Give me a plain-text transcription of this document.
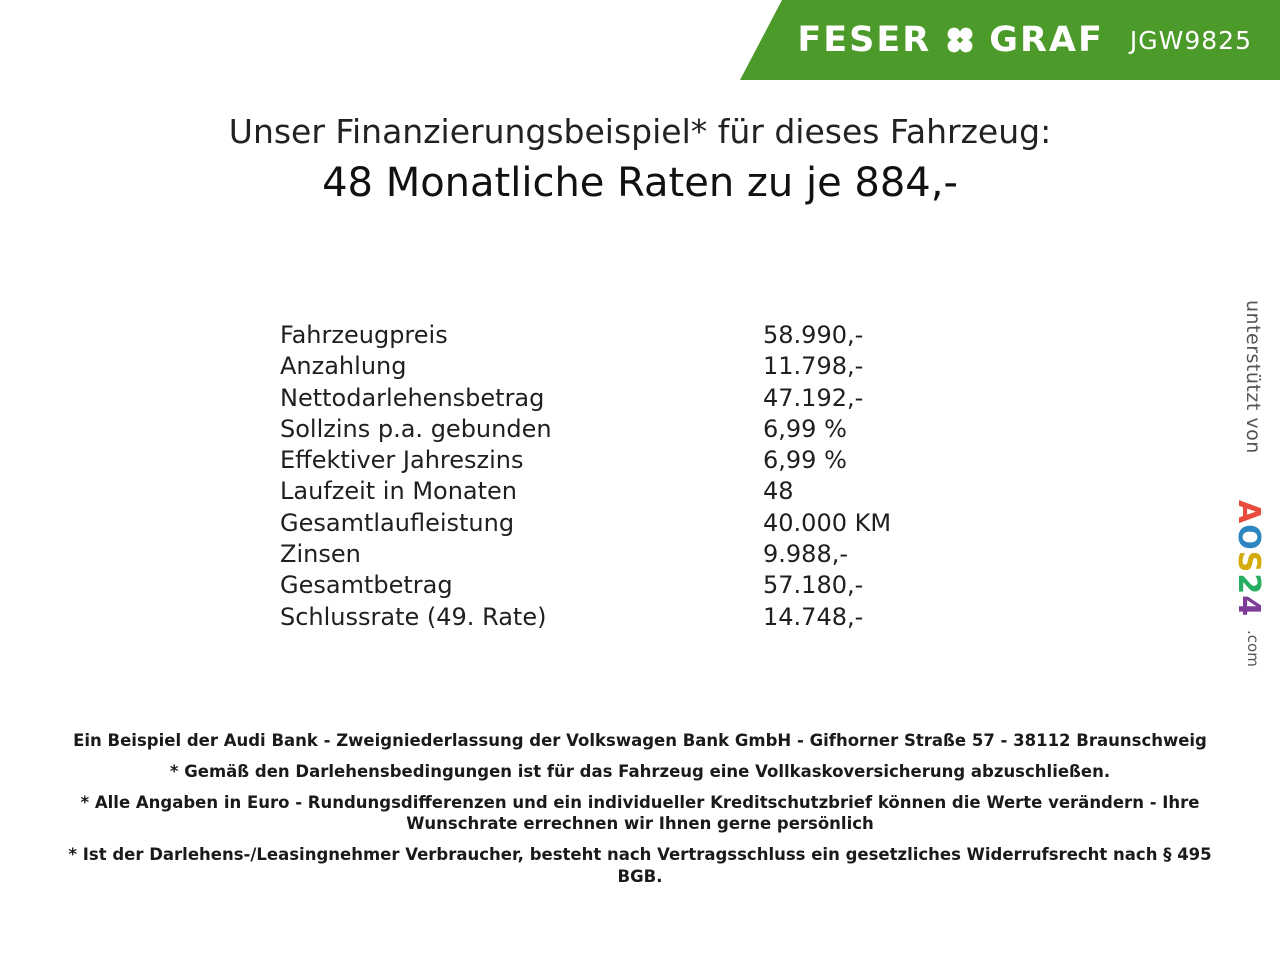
FESER GRAF JGW9825
Unser Finanzierungsbeispiel* für dieses Fahrzeug:
48 Monatliche Raten zu je 884,-
Fahrzeugpreis	58.990,-
Anzahlung	11.798,-
Nettodarlehensbetrag	47.192,-
Sollzins p.a. gebunden	6,99 %
Effektiver Jahreszins	6,99 %
Laufzeit in Monaten	48
Gesamtlaufleistung	40.000 KM
Zinsen	9.988,-
Gesamtbetrag	57.180,-
Schlussrate (49. Rate)	14.748,-
Ein Beispiel der Audi Bank - Zweigniederlassung der Volkswagen Bank GmbH - Gifhorner Straße 57 - 38112 Braunschweig
* Gemäß den Darlehensbedingungen ist für das Fahrzeug eine Vollkaskoversicherung abzuschließen.
* Alle Angaben in Euro - Rundungsdifferenzen und ein individueller Kreditschutzbrief können die Werte verändern - Ihre Wunschrate errechnen wir Ihnen gerne persönlich
* Ist der Darlehens-/Leasingnehmer Verbraucher, besteht nach Vertragsschluss ein gesetzliches Widerrufsrecht nach § 495 BGB.
unterstützt von
AOS24
.com
